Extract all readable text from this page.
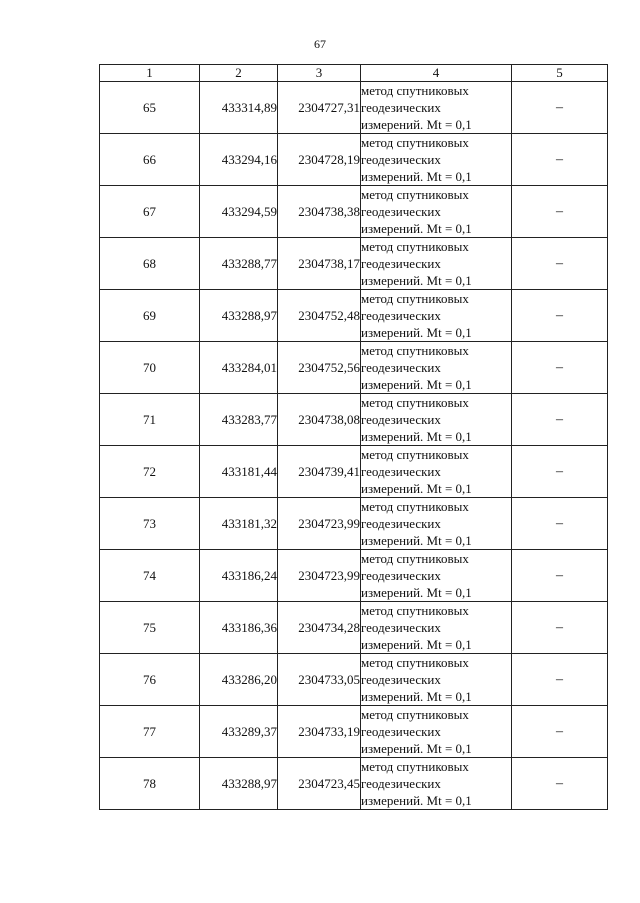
67
1	2	3	4	5
65	433314,89	2304727,31	метод спутниковых
геодезических
измерений. Mt = 0,1	–
66	433294,16	2304728,19	метод спутниковых
геодезических
измерений. Mt = 0,1	–
67	433294,59	2304738,38	метод спутниковых
геодезических
измерений. Mt = 0,1	–
68	433288,77	2304738,17	метод спутниковых
геодезических
измерений. Mt = 0,1	–
69	433288,97	2304752,48	метод спутниковых
геодезических
измерений. Mt = 0,1	–
70	433284,01	2304752,56	метод спутниковых
геодезических
измерений. Mt = 0,1	–
71	433283,77	2304738,08	метод спутниковых
геодезических
измерений. Mt = 0,1	–
72	433181,44	2304739,41	метод спутниковых
геодезических
измерений. Mt = 0,1	–
73	433181,32	2304723,99	метод спутниковых
геодезических
измерений. Mt = 0,1	–
74	433186,24	2304723,99	метод спутниковых
геодезических
измерений. Mt = 0,1	–
75	433186,36	2304734,28	метод спутниковых
геодезических
измерений. Mt = 0,1	–
76	433286,20	2304733,05	метод спутниковых
геодезических
измерений. Mt = 0,1	–
77	433289,37	2304733,19	метод спутниковых
геодезических
измерений. Mt = 0,1	–
78	433288,97	2304723,45	метод спутниковых
геодезических
измерений. Mt = 0,1	–
